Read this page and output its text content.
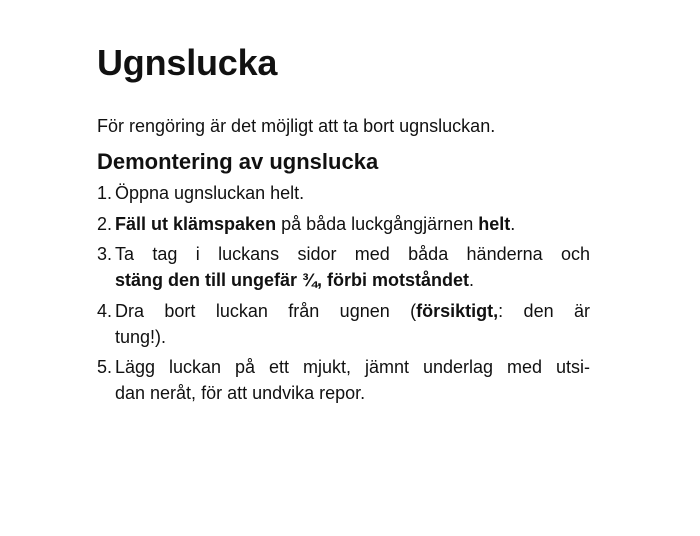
Ugnslucka

För rengöring är det möjligt att ta bort ugnsluckan.

Demontering av ugnslucka
1. Öppna ugnsluckan helt.
2. Fäll ut klämspaken på båda luckgångjärnen helt.
3. Ta tag i luckans sidor med båda händerna och
stäng den till ungefär ¾, förbi motståndet.
4. Dra bort luckan från ugnen (försiktigt,: den är
tung!).
5. Lägg luckan på ett mjukt, jämnt underlag med utsi-
dan neråt, för att undvika repor.
